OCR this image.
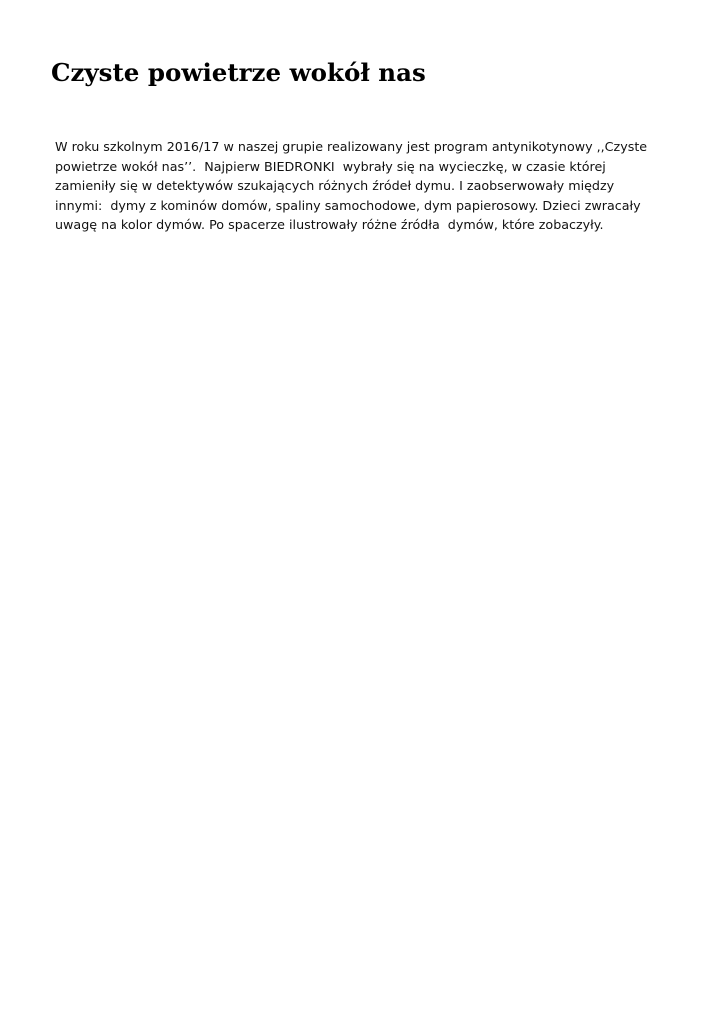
Czyste powietrze wokół nas

W roku szkolnym 2016/17 w naszej grupie realizowany jest program antynikotynowy ,,Czyste
powietrze wokół nas’’.  Najpierw BIEDRONKI  wybrały się na wycieczkę, w czasie której
zamieniły się w detektywów szukających różnych źródeł dymu. I zaobserwowały między
innymi:  dymy z kominów domów, spaliny samochodowe, dym papierosowy. Dzieci zwracały
uwagę na kolor dymów. Po spacerze ilustrowały różne źródła  dymów, które zobaczyły.
